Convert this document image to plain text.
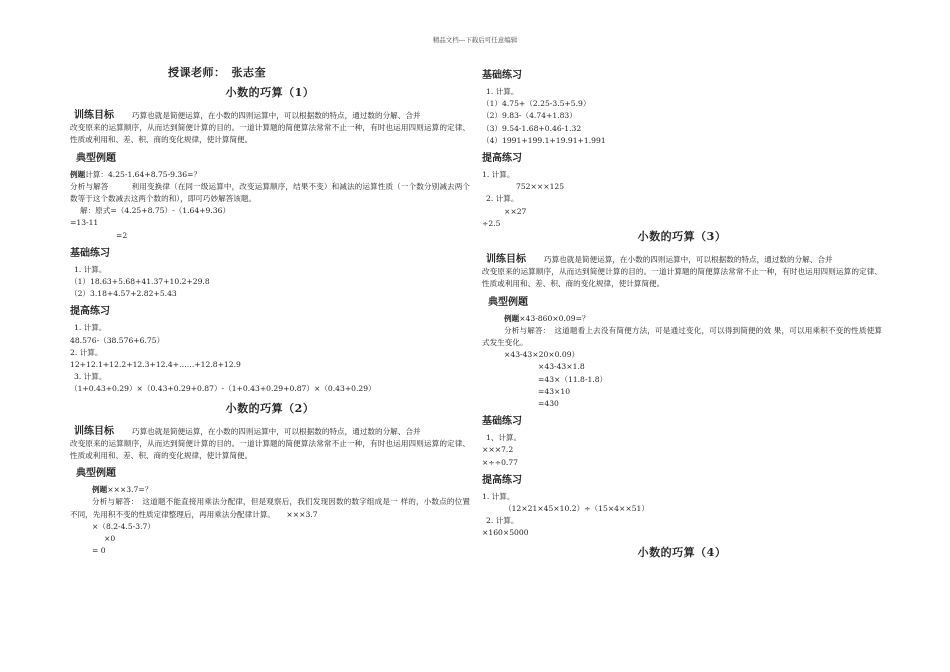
精品文档---下载后可任意编辑
授课老师：　张志奎
小数的巧算（1）

训练目标 巧算也就是简便运算，在小数的四则运算中，可以根据数的特点，通过数的分解、合并

改变原来的运算顺序，从而达到简便计算的目的。一道计算题的简便算法常常不止一种，有时也运用四则运算的定律、性质或利用和、差、积、商的变化规律，使计算简便。

典型例题

例题计算：4.25-1.64+8.75-9.36=？

分析与解答　　　利用变换律（在同一级运算中，改变运算顺序，结果不变）和减法的运算性质（一个数分别减去两个数等于这个数减去这两个数的和），即可巧妙解答该题。

解：原式=（4.25+8.75）-（1.64+9.36）

=13-11

=2

基础练习

1. 计算。

（1）18.63+5.68+41.37+10.2+29.8

（2）3.18+4.57+2.82+5.43

提高练习

1. 计算。

48.576-（38.576+6.75）

2. 计算。

12+12.1+12.2+12.3+12.4+……+12.8+12.9

3. 计算。

（1+0.43+0.29）×（0.43+0.29+0.87）-（1+0.43+0.29+0.87）×（0.43+0.29）

小数的巧算（2）

训练目标 巧算也就是简便运算，在小数的四则运算中，可以根据数的特点，通过数的分解、合并

改变原来的运算顺序，从而达到简便计算的目的。一道计算题的简便算法常常不止一种，有时也运用四则运算的定律、性质或利用和、差、积、商的变化规律，使计算简便。

典型例题

例题×××3.7=？

分析与解答：　这道题不能直接用乘法分配律，但是观察后，我们发现因数的数字组成是一 样的，小数点的位置不同，先用积不变的性质定律整理后，再用乘法分配律计算。　　×××3.7

×（8.2-4.5-3.7）

×0

= 0

基础练习

1. 计算。

（1）4.75+（2.25-3.5+5.9）

（2）9.83-（4.74+1.83）

（3）9.54-1.68+0.46-1.32

（4）1991+199.1+19.91+1.991

提高练习

1. 计算。

752×××125

2. 计算。

××27

÷2.5

小数的巧算（3）

训练目标 巧算也就是简便运算，在小数的四则运算中，可以根据数的特点，通过数的分解、合并

改变原来的运算顺序，从而达到简便计算的目的。一道计算题的简便算法常常不止一种，有时也运用四则运算的定律、性质或利用和、差、积、商的变化规律，使计算简便。

典型例题

例题×43-860×0.09=？

分析与解答：　这道题看上去没有简便方法，可是通过变化，可以得到简便的效 果，可以用乘积不变的性质使算式发生变化。

×43-43×20×0.09）

×43-43×1.8

=43×（11.8-1.8）

=43×10

=430

基础练习

1、计算。

×××7.2

×÷÷0.77

提高练习

1. 计算。

（12×21×45×10.2）÷（15×4××51）

2. 计算。

×160×5000

小数的巧算（4）
